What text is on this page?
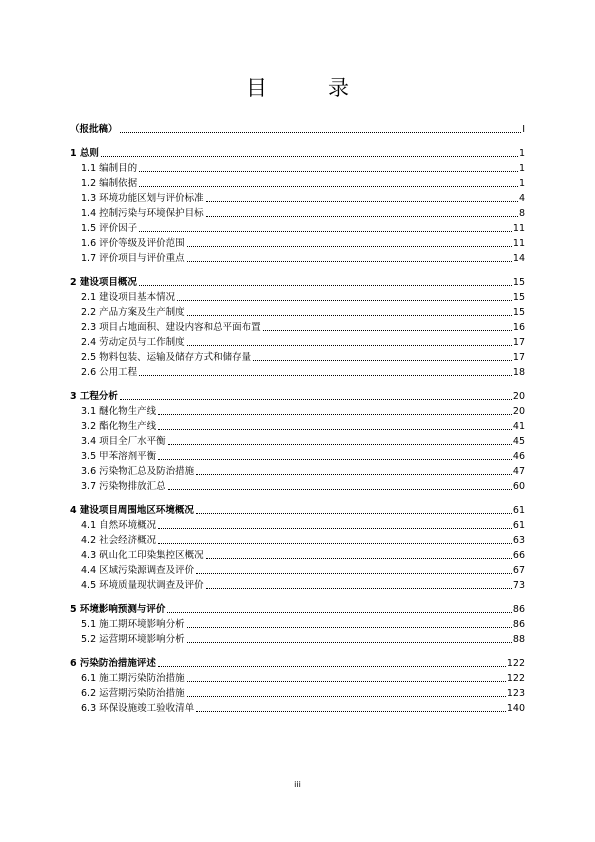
目　录
（报批稿）	I
1 总则	1
1.1 编制目的	1
1.2 编制依据	1
1.3 环境功能区划与评价标准	4
1.4 控制污染与环境保护目标	8
1.5 评价因子	11
1.6 评价等级及评价范围	11
1.7 评价项目与评价重点	14
2 建设项目概况	15
2.1 建设项目基本情况	15
2.2 产品方案及生产制度	15
2.3 项目占地面积、建设内容和总平面布置	16
2.4 劳动定员与工作制度	17
2.5 物料包装、运输及储存方式和储存量	17
2.6 公用工程	18
3 工程分析	20
3.1 醚化物生产线	20
3.2 酯化物生产线	41
3.4 项目全厂水平衡	45
3.5 甲苯溶剂平衡	46
3.6 污染物汇总及防治措施	47
3.7 污染物排放汇总	60
4 建设项目周围地区环境概况	61
4.1 自然环境概况	61
4.2 社会经济概况	63
4.3 矾山化工印染集控区概况	66
4.4 区域污染源调查及评价	67
4.5 环境质量现状调查及评价	73
5 环境影响预测与评价	86
5.1 施工期环境影响分析	86
5.2 运营期环境影响分析	88
6 污染防治措施评述	122
6.1 施工期污染防治措施	122
6.2 运营期污染防治措施	123
6.3 环保设施竣工验收清单	140
iii
